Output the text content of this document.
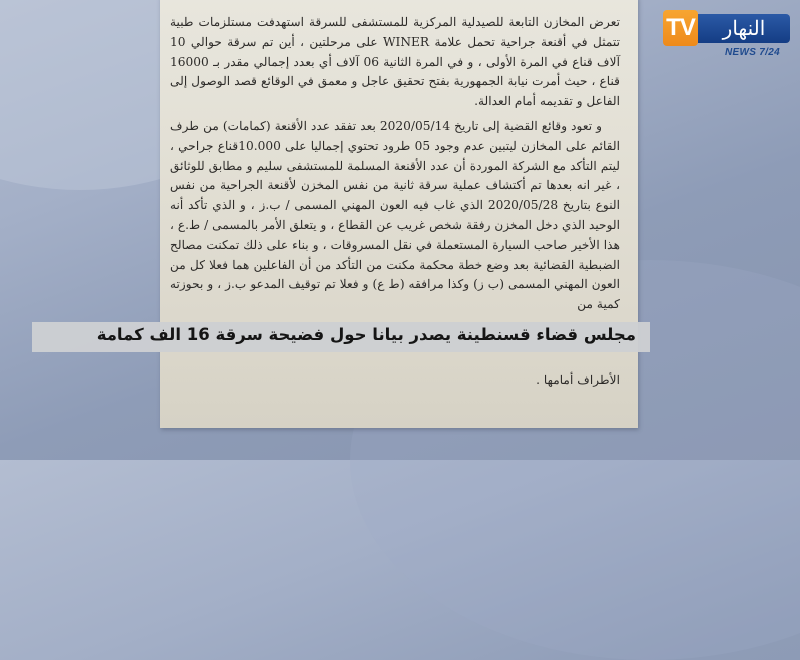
تعرض المخازن التابعة للصيدلية المركزية للمستشفى للسرقة استهدفت مستلزمات طبية تتمثل في أقنعة جراحية تحمل علامة WINER على مرحلتين ، أين تم سرقة حوالي 10 آلاف قناع في المرة الأولى ، و في المرة الثانية 06 آلاف أي بعدد إجمالي مقدر بـ 16000 قناع ، حيث أمرت نيابة الجمهورية بفتح تحقيق عاجل و معمق في الوقائع قصد الوصول إلى الفاعل و تقديمه أمام العدالة.

و تعود وقائع القضية إلى تاريخ 2020/05/14 بعد تفقد عدد الأقنعة (كمامات) من طرف القائم على المخازن ليتبين عدم وجود 05 طرود تحتوي إجماليا على 10.000قناع جراحي ، ليتم التأكد مع الشركة الموردة أن عدد الأقنعة المسلمة للمستشفى سليم و مطابق للوثائق ، غير انه بعدها تم أكتشاف عملية سرقة ثانية من نفس المخزن لأقنعة الجراحية من نفس النوع بتاريخ 2020/05/28 الذي غاب فيه العون المهني المسمى / ب.ز ، و الذي تأكد أنه الوحيد الذي دخل المخزن رفقة شخص غريب عن القطاع ، و يتعلق الأمر بالمسمى / ط.ع ، هذا الأخير صاحب السيارة المستعملة في نقل المسروقات ، و بناء على ذلك تمكنت مصالح الضبطية القضائية بعد وضع خطة محكمة مكنت من التأكد من أن الفاعلين هما فعلا كل من العون المهني المسمى (ب ز) وكذا مرافقه (ط ع) و فعلا تم توقيف المدعو ب.ز ، و بحوزته كمية من

الأطراف أمامها .
مجلس قضاء قسنطينة يصدر بيانا حول فضيحة سرقة 16 الف كمامة
TV	النهار
NEWS 7/24
